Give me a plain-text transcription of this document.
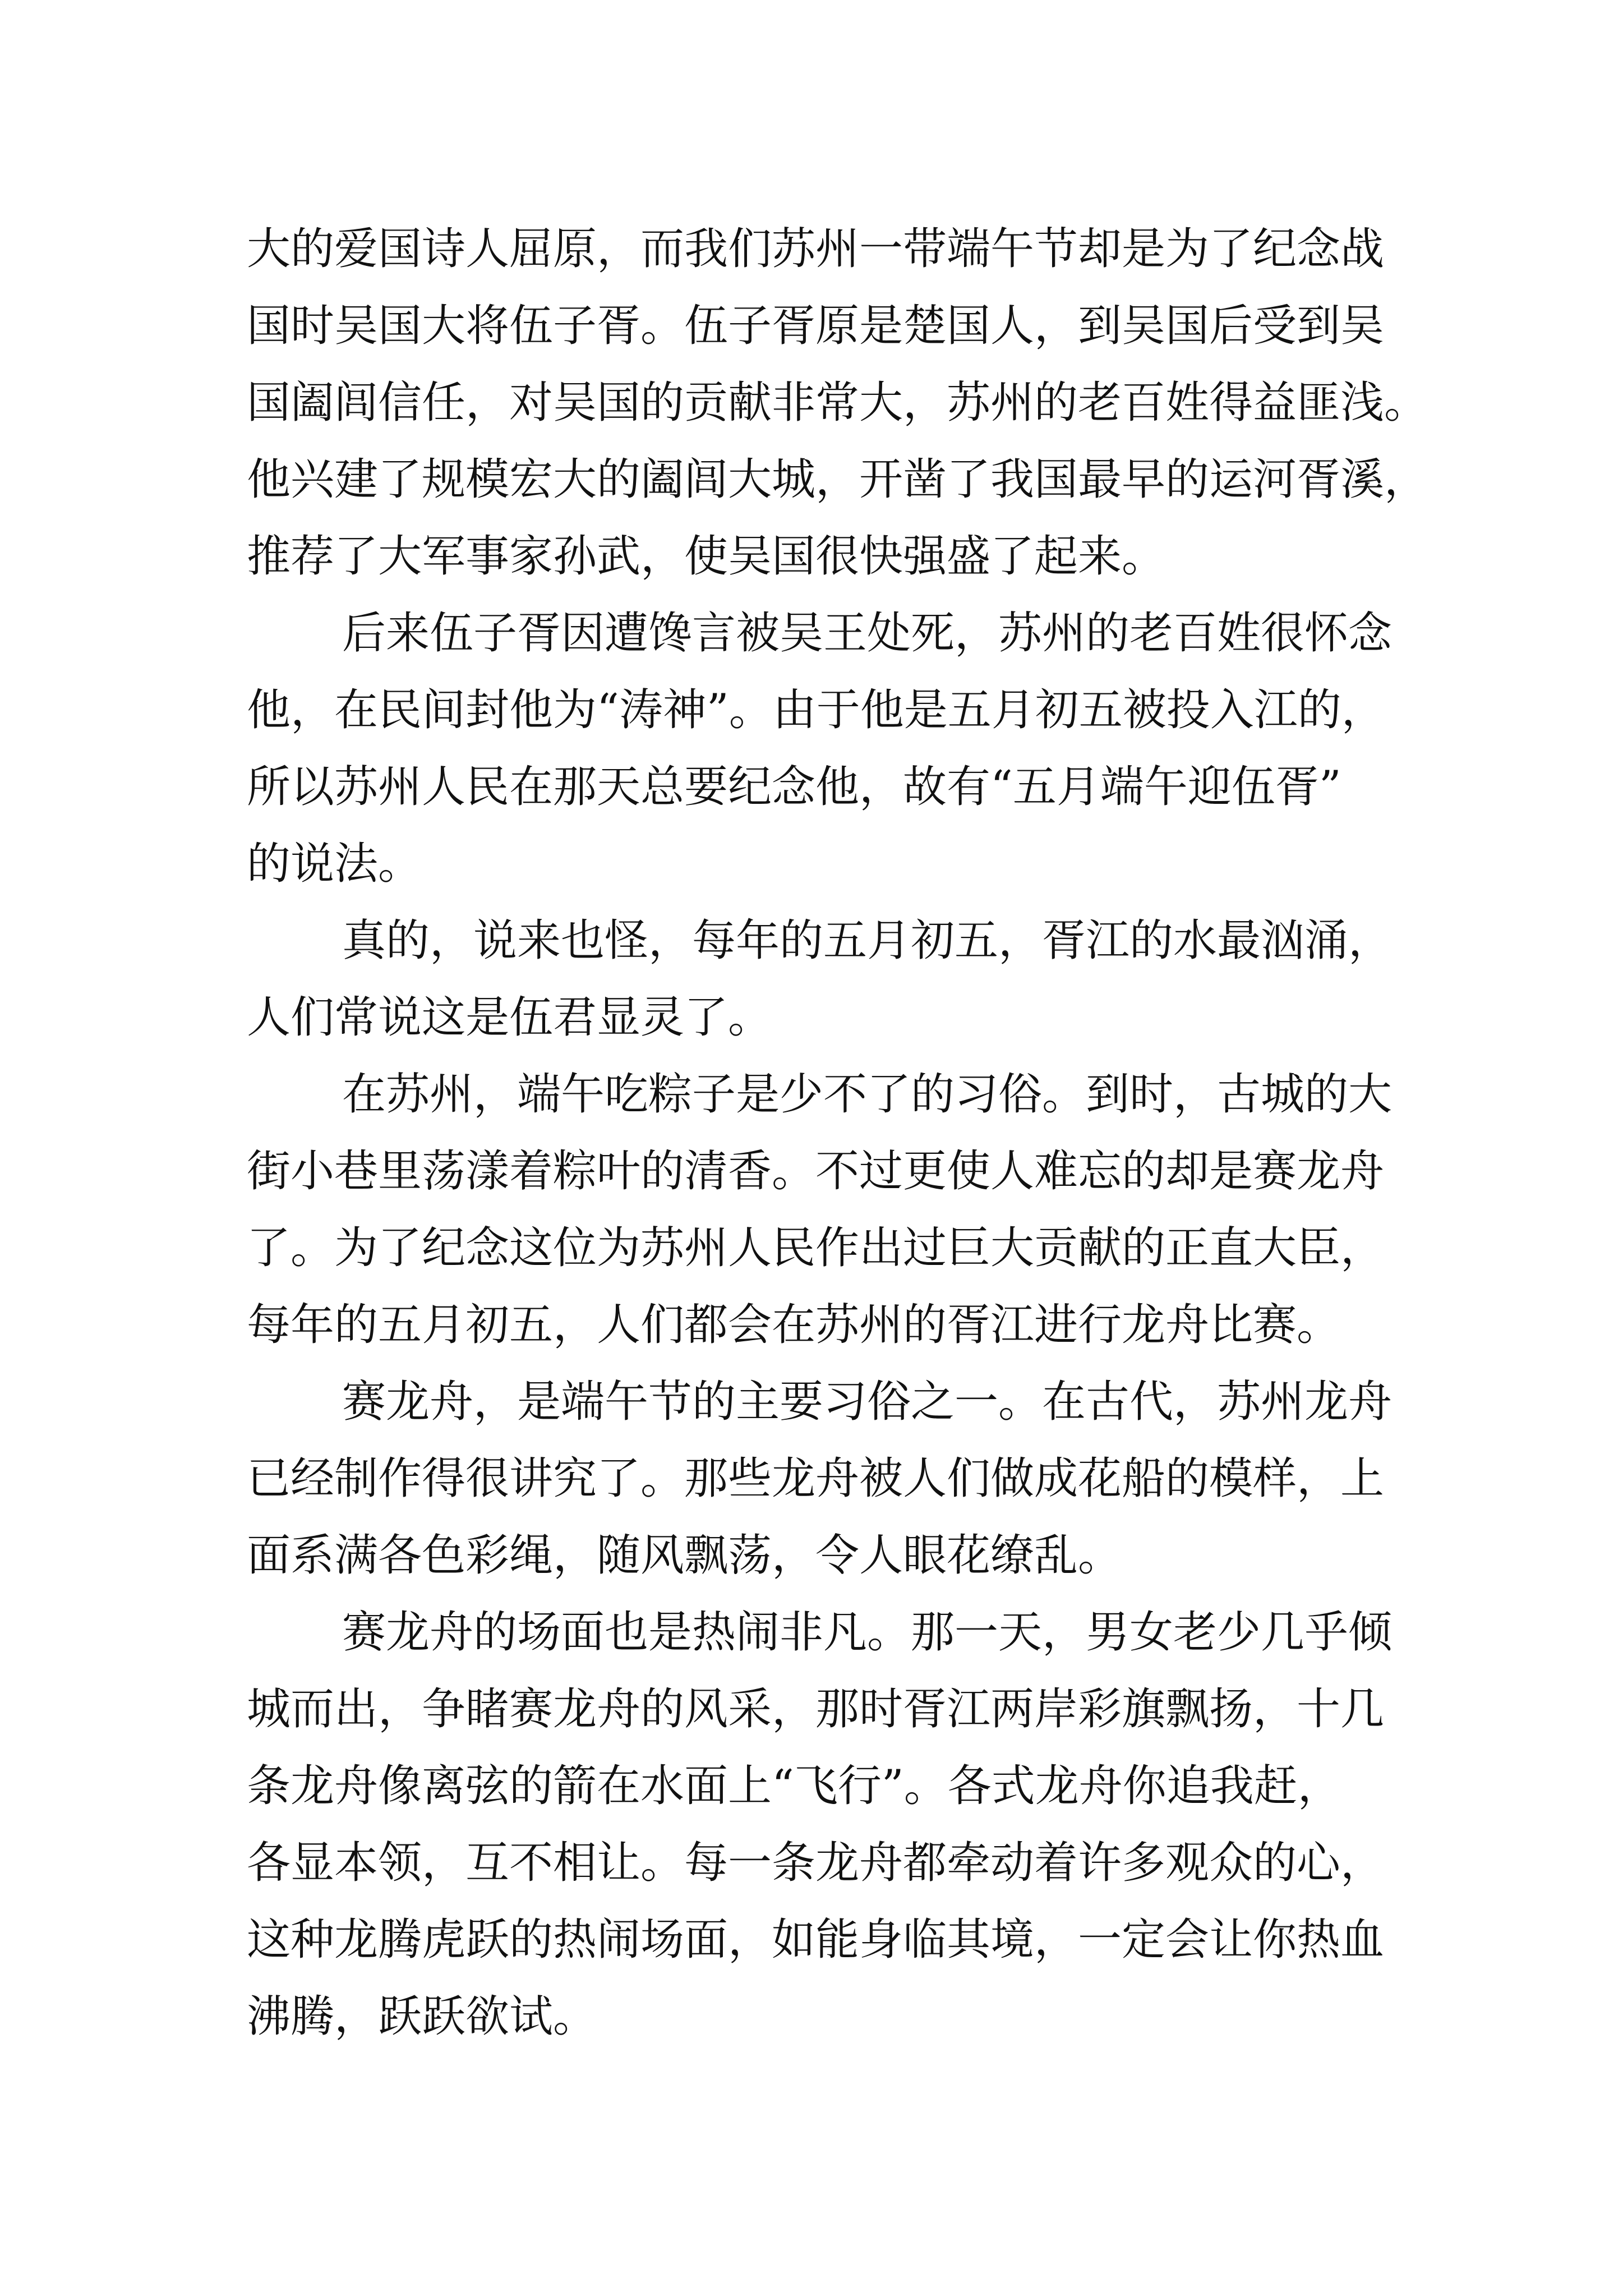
大的爱国诗人屈原，而我们苏州一带端午节却是为了纪念战
国时吴国大将伍子胥。伍子胥原是楚国人，到吴国后受到吴
国阖闾信任，对吴国的贡献非常大，苏州的老百姓得益匪浅。
他兴建了规模宏大的阖闾大城，开凿了我国最早的运河胥溪，
推荐了大军事家孙武，使吴国很快强盛了起来。
后来伍子胥因遭馋言被吴王处死，苏州的老百姓很怀念
他，在民间封他为“涛神”。由于他是五月初五被投入江的，
所以苏州人民在那天总要纪念他，故有“五月端午迎伍胥”
的说法。
真的，说来也怪，每年的五月初五，胥江的水最汹涌，
人们常说这是伍君显灵了。
在苏州，端午吃粽子是少不了的习俗。到时，古城的大
街小巷里荡漾着粽叶的清香。不过更使人难忘的却是赛龙舟
了。为了纪念这位为苏州人民作出过巨大贡献的正直大臣，
每年的五月初五，人们都会在苏州的胥江进行龙舟比赛。
赛龙舟，是端午节的主要习俗之一。在古代，苏州龙舟
已经制作得很讲究了。那些龙舟被人们做成花船的模样，上
面系满各色彩绳，随风飘荡，令人眼花缭乱。
赛龙舟的场面也是热闹非凡。那一天，男女老少几乎倾
城而出，争睹赛龙舟的风采，那时胥江两岸彩旗飘扬，十几
条龙舟像离弦的箭在水面上“飞行”。各式龙舟你追我赶，
各显本领，互不相让。每一条龙舟都牵动着许多观众的心，
这种龙腾虎跃的热闹场面，如能身临其境，一定会让你热血
沸腾，跃跃欲试。
